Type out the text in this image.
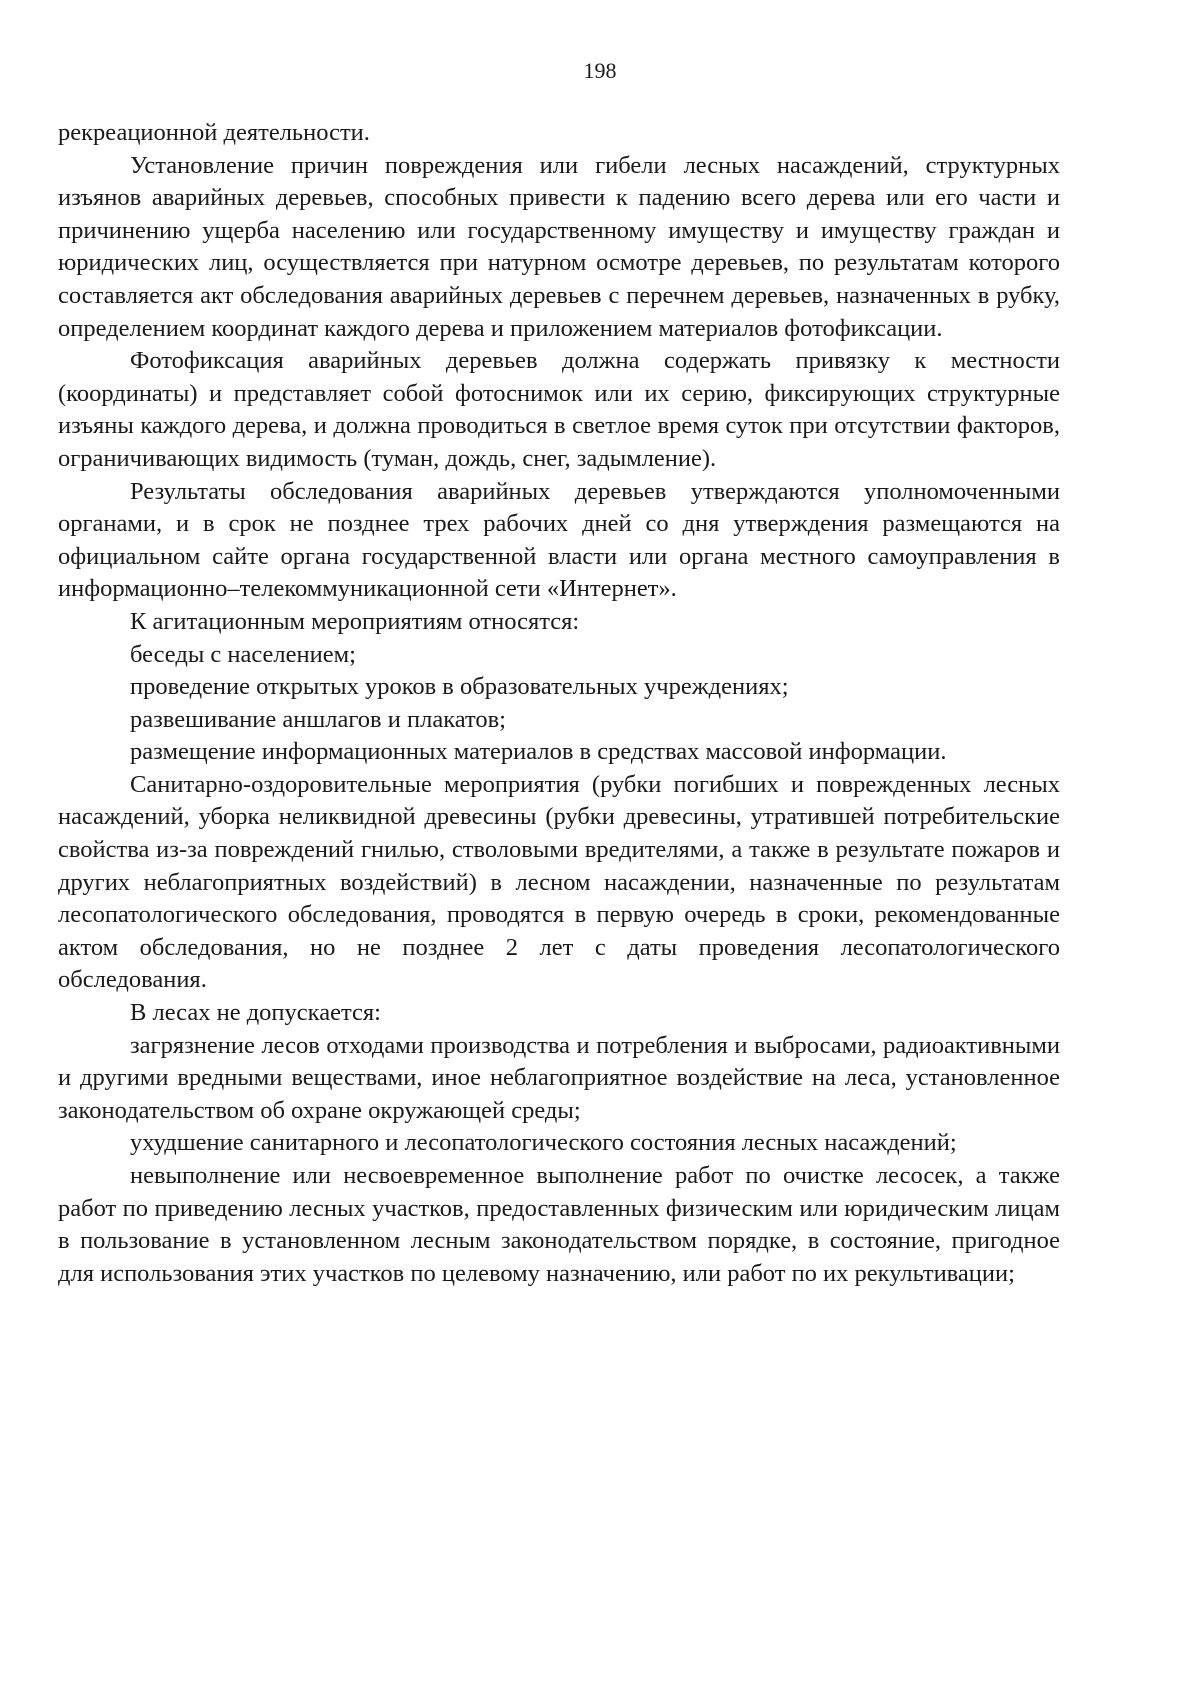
198

рекреационной деятельности.

Установление причин повреждения или гибели лесных насаждений, структурных изъянов аварийных деревьев, способных привести к падению всего дерева или его части и причинению ущерба населению или государственному имуществу и имуществу граждан и юридических лиц, осуществляется при натурном осмотре деревьев, по результатам которого составляется акт обследования аварийных деревьев с перечнем деревьев, назначенных в рубку, определением координат каждого дерева и приложением материалов фотофиксации.

Фотофиксация аварийных деревьев должна содержать привязку к местности (координаты) и представляет собой фотоснимок или их серию, фиксирующих структурные изъяны каждого дерева, и должна проводиться в светлое время суток при отсутствии факторов, ограничивающих видимость (туман, дождь, снег, задымление).

Результаты обследования аварийных деревьев утверждаются уполномоченными органами, и в срок не позднее трех рабочих дней со дня утверждения размещаются на официальном сайте органа государственной власти или органа местного самоуправления в информационно–телекоммуникационной сети «Интернет».

К агитационным мероприятиям относятся:

беседы с населением;

проведение открытых уроков в образовательных учреждениях;

развешивание аншлагов и плакатов;

размещение информационных материалов в средствах массовой информации.

Санитарно-оздоровительные мероприятия (рубки погибших и поврежденных лесных насаждений, уборка неликвидной древесины (рубки древесины, утратившей потребительские свойства из-за повреждений гнилью, стволовыми вредителями, а также в результате пожаров и других неблагоприятных воздействий) в лесном насаждении, назначенные по результатам лесопатологического обследования, проводятся в первую очередь в сроки, рекомендованные актом обследования, но не позднее 2 лет с даты проведения лесопатологического обследования.

В лесах не допускается:

загрязнение лесов отходами производства и потребления и выбросами, радиоактивными и другими вредными веществами, иное неблагоприятное воздействие на леса, установленное законодательством об охране окружающей среды;

ухудшение санитарного и лесопатологического состояния лесных насаждений;

невыполнение или несвоевременное выполнение работ по очистке лесосек, а также работ по приведению лесных участков, предоставленных физическим или юридическим лицам в пользование в установленном лесным законодательством порядке, в состояние, пригодное для использования этих участков по целевому назначению, или работ по их рекультивации;
